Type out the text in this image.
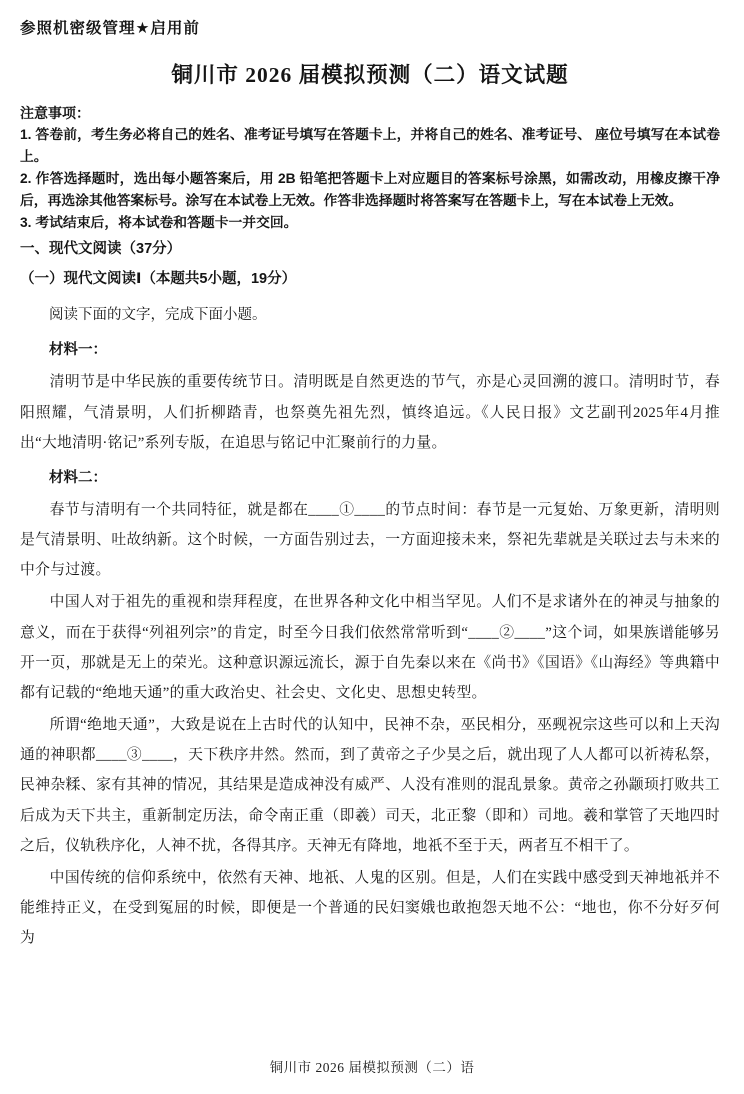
参照机密级管理★启用前

铜川市 2026 届模拟预测（二）语文试题

注意事项：

1. 答卷前，考生务必将自己的姓名、准考证号填写在答题卡上，并将自己的姓名、准考证号、 座位号填写在本试卷上。

2. 作答选择题时，选出每小题答案后，用 2B 铅笔把答题卡上对应题目的答案标号涂黑，如需改动，用橡皮擦干净后，再选涂其他答案标号。涂写在本试卷上无效。作答非选择题时将答案写在答题卡上，写在本试卷上无效。

3. 考试结束后，将本试卷和答题卡一并交回。

一、现代文阅读（37分）

（一）现代文阅读Ⅰ（本题共5小题，19分）

阅读下面的文字，完成下面小题。

材料一：

清明节是中华民族的重要传统节日。清明既是自然更迭的节气，亦是心灵回溯的渡口。清明时节，春阳照耀，气清景明，人们折柳踏青，也祭奠先祖先烈，慎终追远。《人民日报》文艺副刊2025年4月推出“大地清明·铭记”系列专版，在追思与铭记中汇聚前行的力量。

材料二：

春节与清明有一个共同特征，就是都在____①____的节点时间：春节是一元复始、万象更新，清明则是气清景明、吐故纳新。这个时候，一方面告别过去，一方面迎接未来，祭祀先辈就是关联过去与未来的中介与过渡。

中国人对于祖先的重视和崇拜程度，在世界各种文化中相当罕见。人们不是求诸外在的神灵与抽象的意义，而在于获得“列祖列宗”的肯定，时至今日我们依然常常听到“____②____”这个词，如果族谱能够另开一页，那就是无上的荣光。这种意识源远流长，源于自先秦以来在《尚书》《国语》《山海经》等典籍中都有记载的“绝地天通”的重大政治史、社会史、文化史、思想史转型。

所谓“绝地天通”，大致是说在上古时代的认知中，民神不杂，巫民相分，巫觋祝宗这些可以和上天沟通的神职都____③____，天下秩序井然。然而，到了黄帝之子少昊之后，就出现了人人都可以祈祷私祭，民神杂糅、家有其神的情况，其结果是造成神没有威严、人没有准则的混乱景象。黄帝之孙颛顼打败共工后成为天下共主，重新制定历法，命令南正重（即羲）司天，北正黎（即和）司地。羲和掌管了天地四时之后，仪轨秩序化，人神不扰，各得其序。天神无有降地，地祇不至于天，两者互不相干了。

中国传统的信仰系统中，依然有天神、地祇、人鬼的区别。但是，人们在实践中感受到天神地祇并不能维持正义，在受到冤屈的时候，即便是一个普通的民妇窦娥也敢抱怨天地不公：“地也，你不分好歹何为

铜川市 2026 届模拟预测（二）语
